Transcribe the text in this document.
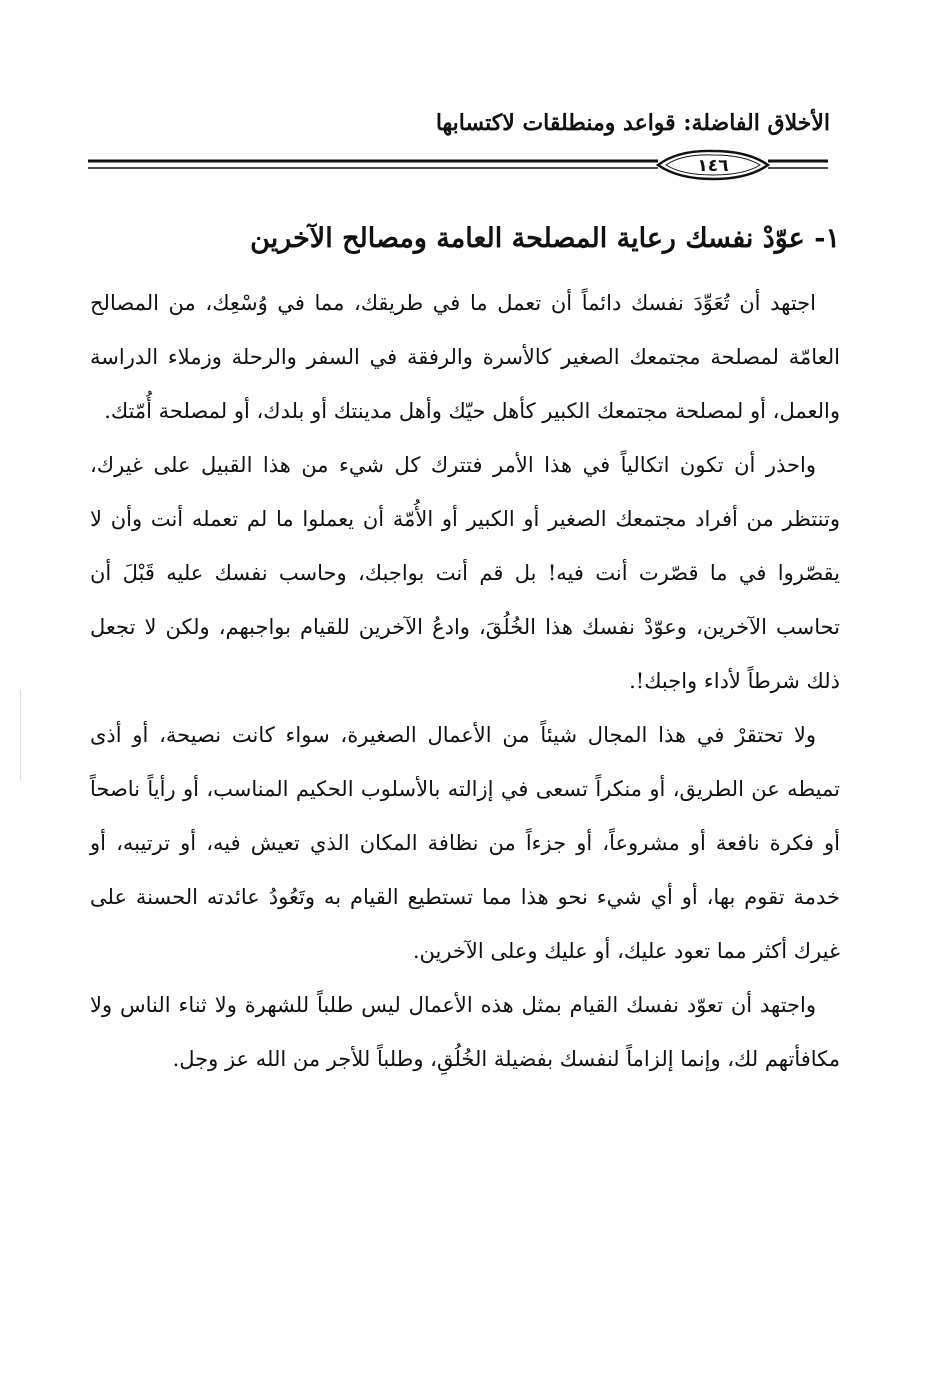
الأخلاق الفاضلة: قواعد ومنطلقات لاكتسابها
١٤٦
١- عوّدْ نفسك رعاية المصلحة العامة ومصالح الآخرين

اجتهد أن تُعَوِّدَ نفسك دائماً أن تعمل ما في طريقك، مما في وُسْعِك، من المصالح العامّة لمصلحة مجتمعك الصغير كالأسرة والرفقة في السفر والرحلة وزملاء الدراسة والعمل، أو لمصلحة مجتمعك الكبير كأهل حيّك وأهل مدينتك أو بلدك، أو لمصلحة أُمّتك.

واحذر أن تكون اتكالياً في هذا الأمر فتترك كل شيء من هذا القبيل على غيرك، وتنتظر من أفراد مجتمعك الصغير أو الكبير أو الأُمّة أن يعملوا ما لم تعمله أنت وأن لا يقصّروا في ما قصّرت أنت فيه! بل قم أنت بواجبك، وحاسب نفسك عليه قَبْلَ أن تحاسب الآخرين، وعوّدْ نفسك هذا الخُلُقَ، وادعُ الآخرين للقيام بواجبهم، ولكن لا تجعل ذلك شرطاً لأداء واجبك!.

ولا تحتقرْ في هذا المجال شيئاً من الأعمال الصغيرة، سواء كانت نصيحة، أو أذى تميطه عن الطريق، أو منكراً تسعى في إزالته بالأسلوب الحكيم المناسب، أو رأياً ناصحاً أو فكرة نافعة أو مشروعاً، أو جزءاً من نظافة المكان الذي تعيش فيه، أو ترتيبه، أو خدمة تقوم بها، أو أي شيء نحو هذا مما تستطيع القيام به وتَعُودُ عائدته الحسنة على غيرك أكثر مما تعود عليك، أو عليك وعلى الآخرين.

واجتهد أن تعوّد نفسك القيام بمثل هذه الأعمال ليس طلباً للشهرة ولا ثناء الناس ولا مكافأتهم لك، وإنما إلزاماً لنفسك بفضيلة الخُلُقِ، وطلباً للأجر من الله عز وجل.
